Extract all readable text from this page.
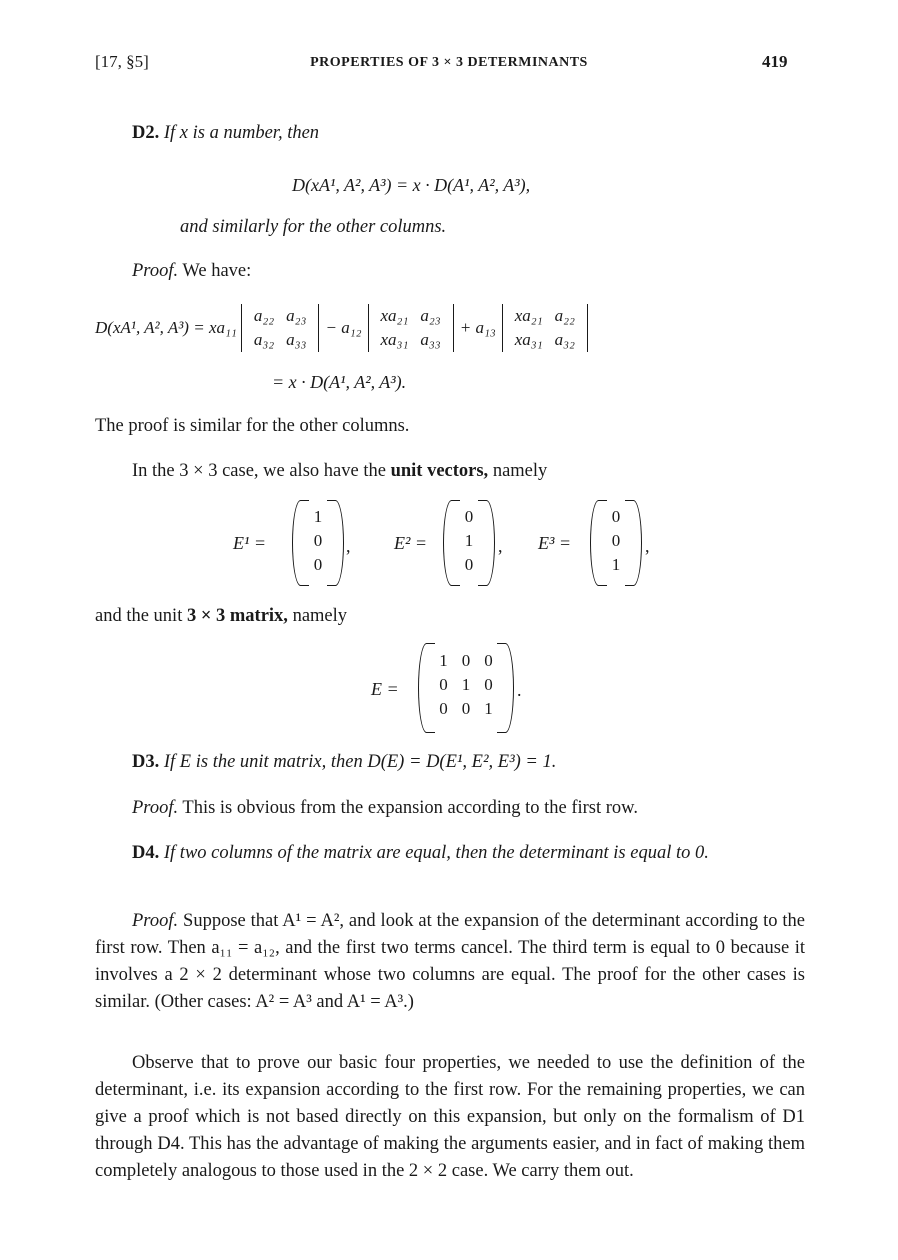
[17, §5]	PROPERTIES OF 3 × 3 DETERMINANTS	419
D2. If x is a number, then
D(xA¹, A², A³) = x · D(A¹, A², A³),
and similarly for the other columns.
Proof. We have:
D(xA¹, A², A³) = xa₁₁
a₂₂	a₂₃
a₃₂	a₃₃
− a₁₂
xa₂₁	a₂₃
xa₃₁	a₃₃
+ a₁₃
xa₂₁	a₂₂
xa₃₁	a₃₂
= x · D(A¹, A², A³).
The proof is similar for the other columns.
In the 3 × 3 case, we also have the unit vectors, namely
E¹ =
1
0
0
, E² =
0
1
0
, E³ =
0
0
1
,
and the unit 3 × 3 matrix, namely
E =
1	0	0
0	1	0
0	0	1
.
D3. If E is the unit matrix, then D(E) = D(E¹, E², E³) = 1.
Proof. This is obvious from the expansion according to the first row.
D4. If two columns of the matrix are equal, then the determinant is equal to 0.
Proof. Suppose that A¹ = A², and look at the expansion of the determinant according to the first row. Then a₁₁ = a₁₂, and the first two terms cancel. The third term is equal to 0 because it involves a 2 × 2 determinant whose two columns are equal. The proof for the other cases is similar. (Other cases: A² = A³ and A¹ = A³.)
Observe that to prove our basic four properties, we needed to use the definition of the determinant, i.e. its expansion according to the first row. For the remaining properties, we can give a proof which is not based directly on this expansion, but only on the formalism of D1 through D4. This has the advantage of making the arguments easier, and in fact of making them completely analogous to those used in the 2 × 2 case. We carry them out.
